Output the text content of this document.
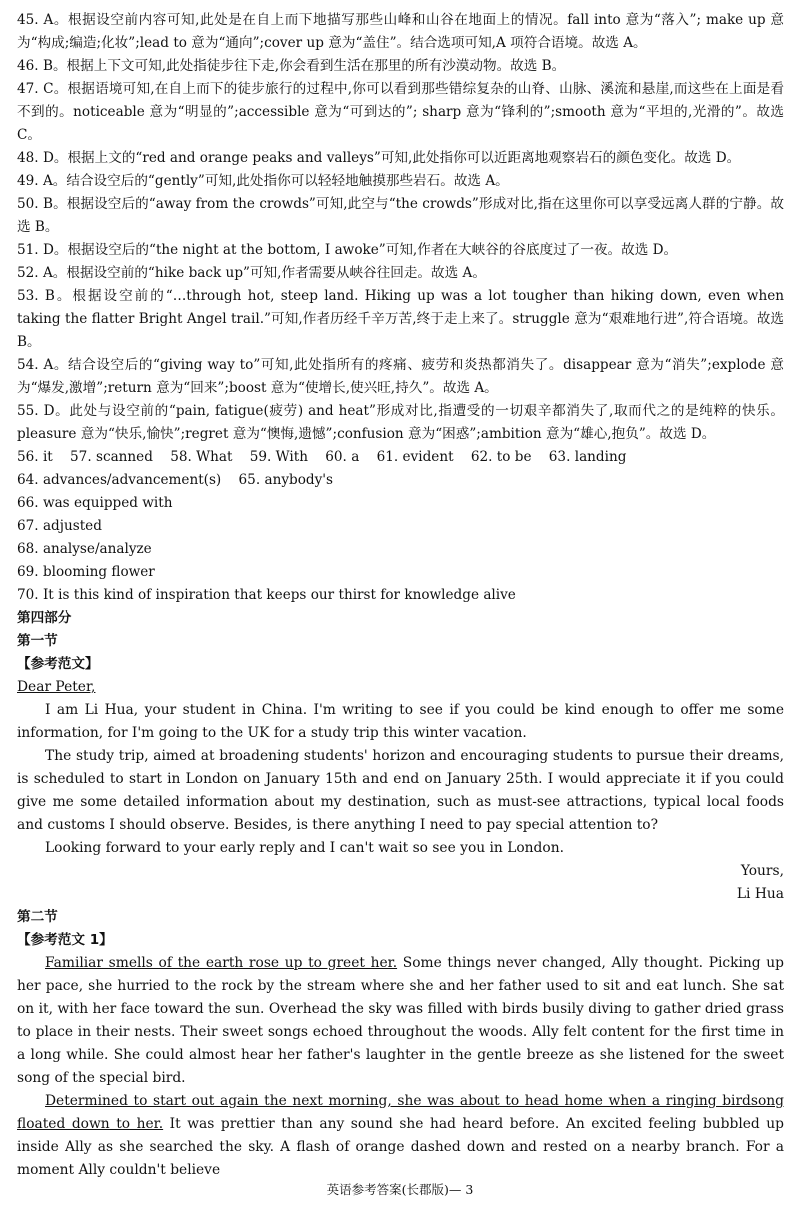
45. A。根据设空前内容可知,此处是在自上而下地描写那些山峰和山谷在地面上的情况。fall into 意为“落入”; make up 意为“构成;编造;化妆”;lead to 意为“通向”;cover up 意为“盖住”。结合选项可知,A 项符合语境。故选 A。
46. B。根据上下文可知,此处指徒步往下走,你会看到生活在那里的所有沙漠动物。故选 B。
47. C。根据语境可知,在自上而下的徒步旅行的过程中,你可以看到那些错综复杂的山脊、山脉、溪流和悬崖,而这些在上面是看不到的。noticeable 意为“明显的”;accessible 意为“可到达的”; sharp 意为“锋利的”;smooth 意为“平坦的,光滑的”。故选 C。
48. D。根据上文的“red and orange peaks and valleys”可知,此处指你可以近距离地观察岩石的颜色变化。故选 D。
49. A。结合设空后的“gently”可知,此处指你可以轻轻地触摸那些岩石。故选 A。
50. B。根据设空后的“away from the crowds”可知,此空与“the crowds”形成对比,指在这里你可以享受远离人群的宁静。故选 B。
51. D。根据设空后的“the night at the bottom, I awoke”可知,作者在大峡谷的谷底度过了一夜。故选 D。
52. A。根据设空前的“hike back up”可知,作者需要从峡谷往回走。故选 A。
53. B。根据设空前的“…through hot, steep land. Hiking up was a lot tougher than hiking down, even when taking the flatter Bright Angel trail.”可知,作者历经千辛万苦,终于走上来了。struggle 意为“艰难地行进”,符合语境。故选 B。
54. A。结合设空后的“giving way to”可知,此处指所有的疼痛、疲劳和炎热都消失了。disappear 意为“消失”;explode 意为“爆发,激增”;return 意为“回来”;boost 意为“使增长,使兴旺,持久”。故选 A。
55. D。此处与设空前的“pain, fatigue(疲劳) and heat”形成对比,指遭受的一切艰辛都消失了,取而代之的是纯粹的快乐。pleasure 意为“快乐,愉快”;regret 意为“懊悔,遗憾”;confusion 意为“困惑”;ambition 意为“雄心,抱负”。故选 D。
56. it    57. scanned    58. What    59. With    60. a    61. evident    62. to be    63. landing
64. advances/advancement(s)    65. anybody's
66. was equipped with
67. adjusted
68. analyse/analyze
69. blooming flower
70. It is this kind of inspiration that keeps our thirst for knowledge alive
第四部分
第一节
【参考范文】
Dear Peter,

I am Li Hua, your student in China. I'm writing to see if you could be kind enough to offer me some information, for I'm going to the UK for a study trip this winter vacation.

The study trip, aimed at broadening students' horizon and encouraging students to pursue their dreams, is scheduled to start in London on January 15th and end on January 25th. I would appreciate it if you could give me some detailed information about my destination, such as must-see attractions, typical local foods and customs I should observe. Besides, is there anything I need to pay special attention to?

Looking forward to your early reply and I can't wait so see you in London.

Yours,
Li Hua
第二节
【参考范文 1】

Familiar smells of the earth rose up to greet her. Some things never changed, Ally thought. Picking up her pace, she hurried to the rock by the stream where she and her father used to sit and eat lunch. She sat on it, with her face toward the sun. Overhead the sky was filled with birds busily diving to gather dried grass to place in their nests. Their sweet songs echoed throughout the woods. Ally felt content for the first time in a long while. She could almost hear her father's laughter in the gentle breeze as she listened for the sweet song of the special bird.

Determined to start out again the next morning, she was about to head home when a ringing birdsong floated down to her. It was prettier than any sound she had heard before. An excited feeling bubbled up inside Ally as she searched the sky. A flash of orange dashed down and rested on a nearby branch. For a moment Ally couldn't believe

英语参考答案(长郡版)— 3
